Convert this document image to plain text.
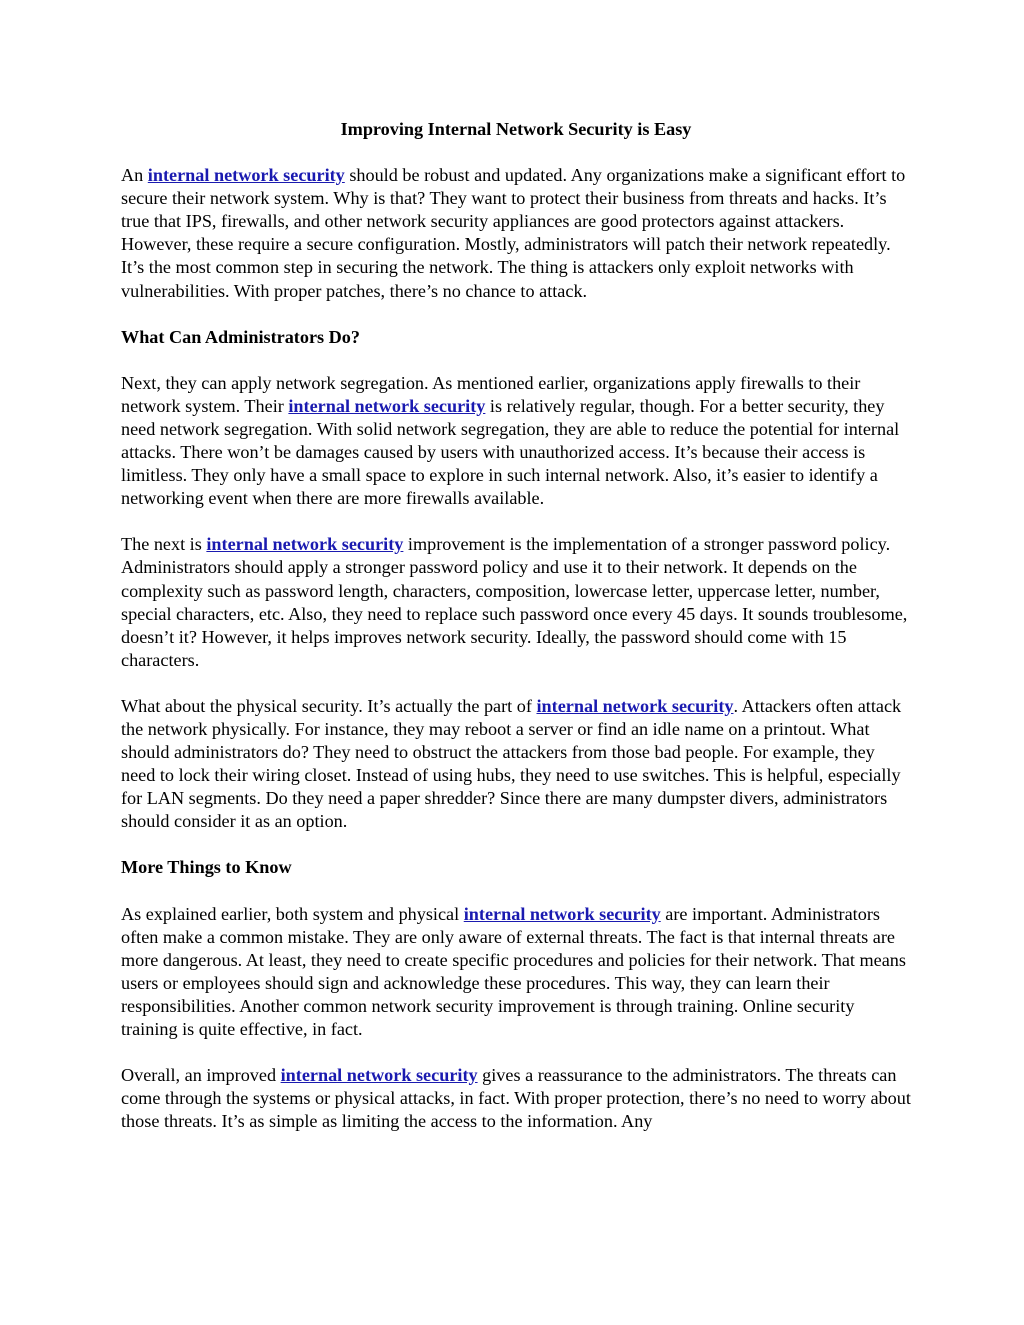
Improving Internal Network Security is Easy

An internal network security should be robust and updated. Any organizations make a significant effort to secure their network system. Why is that? They want to protect their business from threats and hacks. It’s true that IPS, firewalls, and other network security appliances are good protectors against attackers. However, these require a secure configuration. Mostly, administrators will patch their network repeatedly. It’s the most common step in securing the network. The thing is attackers only exploit networks with vulnerabilities. With proper patches, there’s no chance to attack.

What Can Administrators Do?

Next, they can apply network segregation. As mentioned earlier, organizations apply firewalls to their network system. Their internal network security is relatively regular, though. For a better security, they need network segregation. With solid network segregation, they are able to reduce the potential for internal attacks. There won’t be damages caused by users with unauthorized access. It’s because their access is limitless. They only have a small space to explore in such internal network. Also, it’s easier to identify a networking event when there are more firewalls available.

The next is internal network security improvement is the implementation of a stronger password policy. Administrators should apply a stronger password policy and use it to their network. It depends on the complexity such as password length, characters, composition, lowercase letter, uppercase letter, number, special characters, etc. Also, they need to replace such password once every 45 days. It sounds troublesome, doesn’t it? However, it helps improves network security. Ideally, the password should come with 15 characters.

What about the physical security. It’s actually the part of internal network security. Attackers often attack the network physically. For instance, they may reboot a server or find an idle name on a printout. What should administrators do? They need to obstruct the attackers from those bad people. For example, they need to lock their wiring closet. Instead of using hubs, they need to use switches. This is helpful, especially for LAN segments. Do they need a paper shredder? Since there are many dumpster divers, administrators should consider it as an option.

More Things to Know

As explained earlier, both system and physical internal network security are important. Administrators often make a common mistake. They are only aware of external threats. The fact is that internal threats are more dangerous. At least, they need to create specific procedures and policies for their network. That means users or employees should sign and acknowledge these procedures. This way, they can learn their responsibilities. Another common network security improvement is through training. Online security training is quite effective, in fact.

Overall, an improved internal network security gives a reassurance to the administrators. The threats can come through the systems or physical attacks, in fact. With proper protection, there’s no need to worry about those threats. It’s as simple as limiting the access to the information. Any
